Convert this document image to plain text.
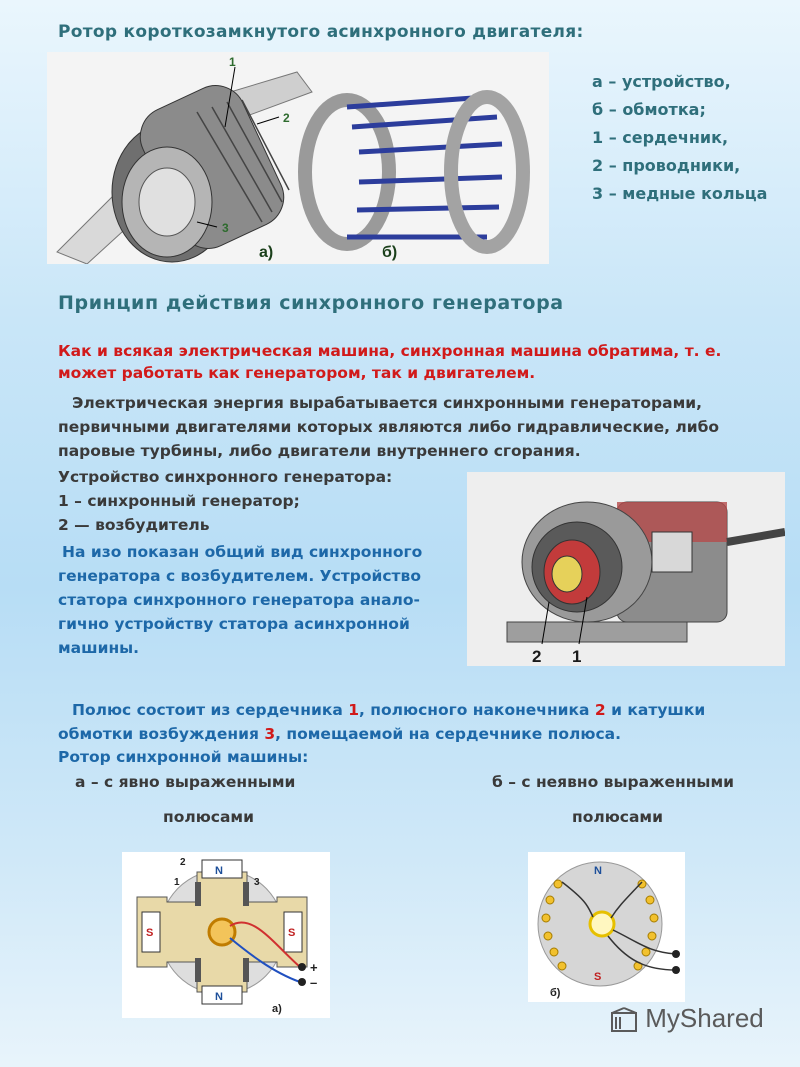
Ротор короткозамкнутого асинхронного двигателя:
1
2
3
а)	б)
а – устройство,
б – обмотка;
1 – сердечник,
2 – проводники,
3 – медные кольца
Принцип действия синхронного генератора
Как и всякая электрическая машина, синхронная машина обратима, т. е. может работать как генератором, так и двигателем.
Электрическая энергия вырабатывается синхронными генераторами, первичными двигателями которых являются либо гидравлические, либо паровые турбины, либо двигатели внутреннего сгорания.
Устройство синхронного генератора:
1 – синхронный генератор;
2 — возбудитель
На изо показан общий вид синхронного генератора с возбудителем. Устройство статора синхронного генератора анало-гично устройству статора асинхронной машины.	2 1
Полюс состоит из сердечника 1, полюсного наконечника 2 и катушки обмотки возбуждения 3, помещаемой на сердечнике полюса.
Ротор синхронной машины:
а – с явно выраженными	б – с неявно выраженными
полюсами	полюсами
N
N
S	S
1
2
3
+
–
а)
N
S
б)
MyShared
